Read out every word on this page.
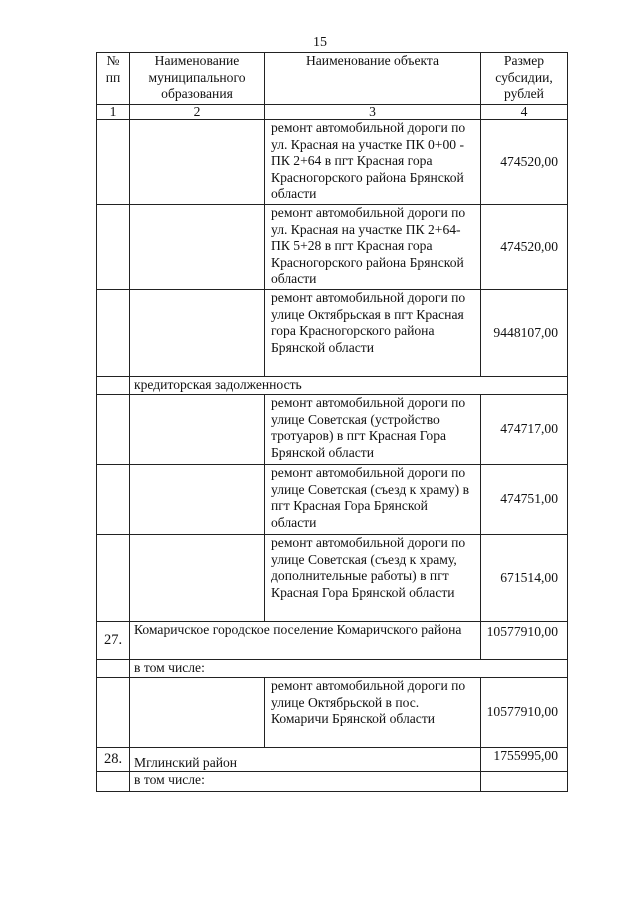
15
№
пп	Наименование муниципального образования	Наименование объекта	Размер субсидии, рублей
1	2	3	4
		ремонт автомобильной дороги по ул. Красная на участке ПК 0+00 - ПК 2+64 в пгт Красная гора Красногорского района Брянской области	474520,00
		ремонт автомобильной дороги по ул. Красная на участке ПК 2+64- ПК 5+28 в пгт Красная гора Красногорского района Брянской области	474520,00
		ремонт автомобильной дороги по улице Октябрьская в пгт Красная гора Красногорского района Брянской области	9448107,00
	кредиторская задолженность		
		ремонт автомобильной дороги по улице Советская (устройство тротуаров) в пгт Красная Гора Брянской области	474717,00
		ремонт автомобильной дороги по улице Советская (съезд к храму) в пгт Красная Гора Брянской области	474751,00
		ремонт автомобильной дороги по улице Советская (съезд к храму, дополнительные работы) в пгт Красная Гора Брянской области	671514,00
27.	Комаричское городское поселение Комаричского района		10577910,00
	в том числе:		
		ремонт автомобильной дороги по улице Октябрьской в пос. Комаричи Брянской области	10577910,00
28.	Мглинский район		1755995,00
	в том числе:		
